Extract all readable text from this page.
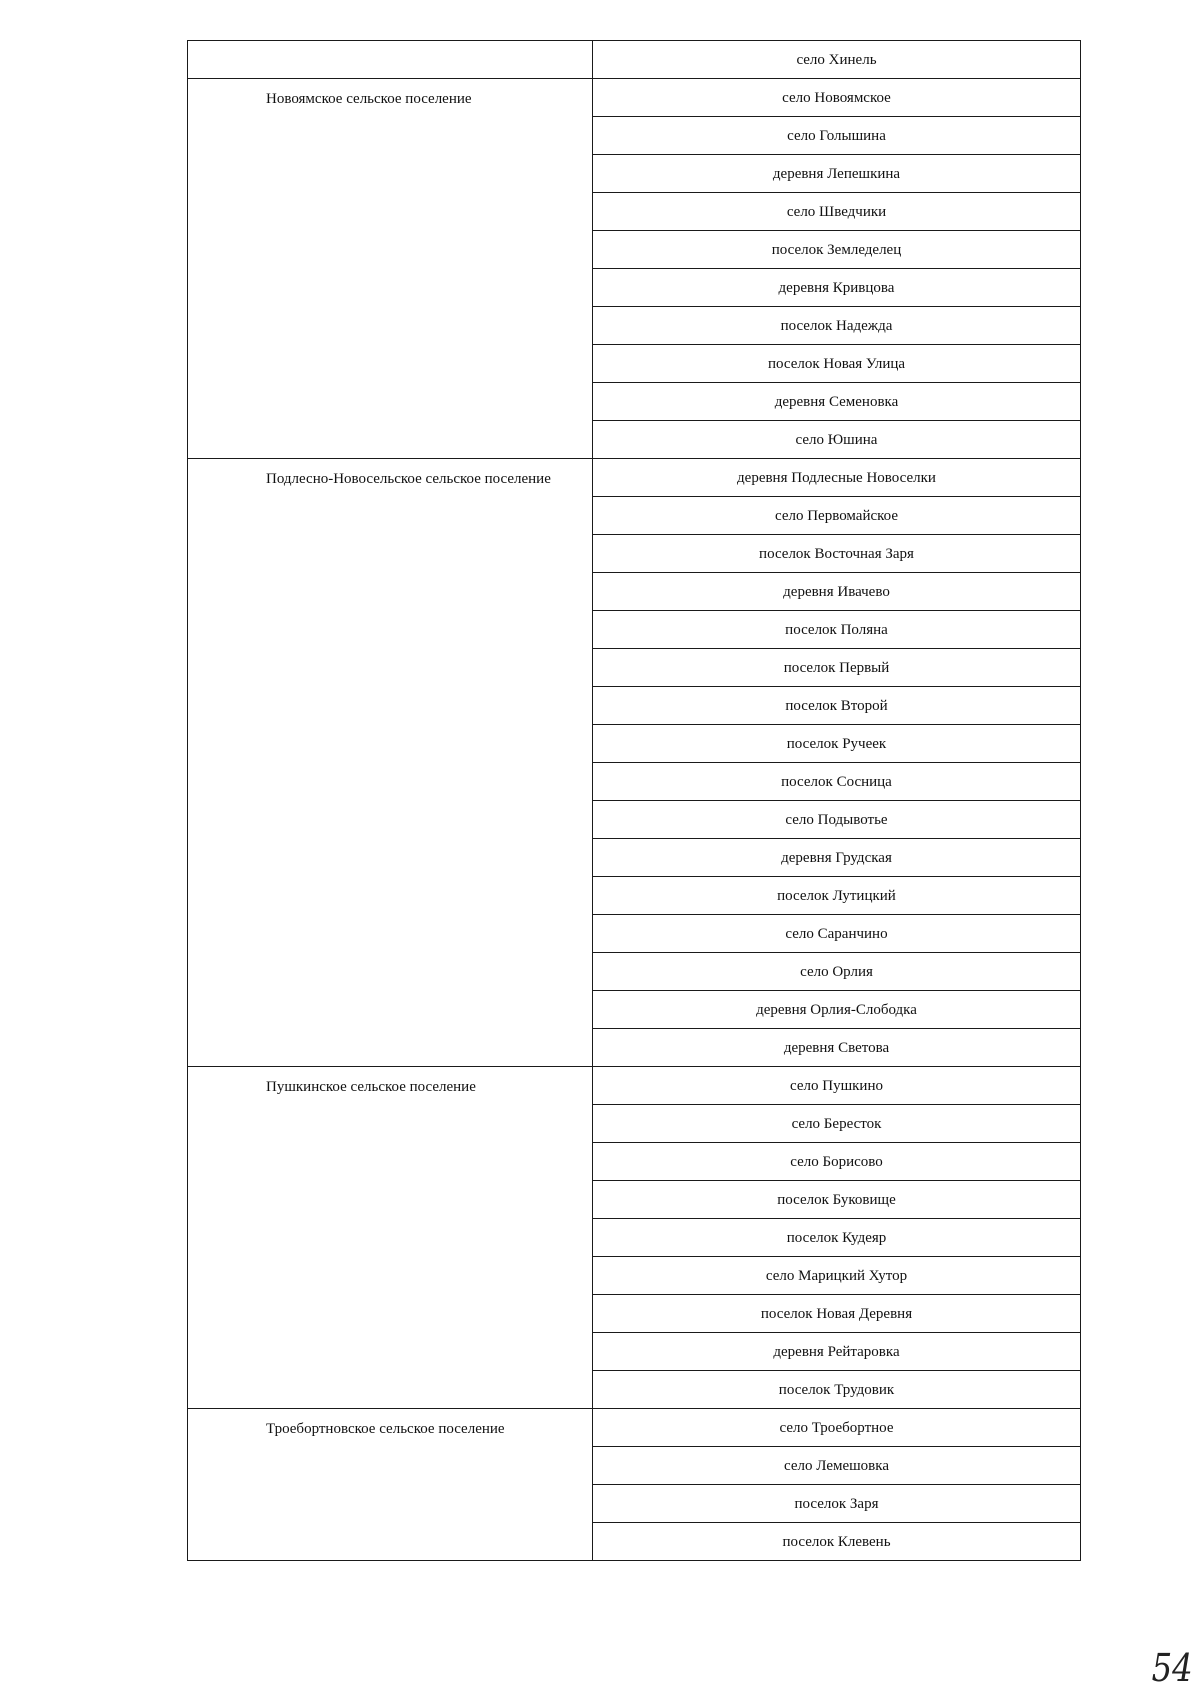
	село Хинель
Новоямское сельское поселение	село Новоямское
	село Голышина
	деревня Лепешкина
	село Шведчики
	поселок Земледелец
	деревня Кривцова
	поселок Надежда
	поселок Новая Улица
	деревня Семеновка
	село Юшина
Подлесно-Новосельское сельское поселение	деревня Подлесные Новоселки
	село Первомайское
	поселок Восточная Заря
	деревня Ивачево
	поселок Поляна
	поселок Первый
	поселок Второй
	поселок Ручеек
	поселок Сосница
	село Подывотье
	деревня Грудская
	поселок Лутицкий
	село Саранчино
	село Орлия
	деревня Орлия-Слободка
	деревня Светова
Пушкинское сельское поселение	село Пушкино
	село Бересток
	село Борисово
	поселок Буковище
	поселок Кудеяр
	село Марицкий Хутор
	поселок Новая Деревня
	деревня Рейтаровка
	поселок Трудовик
Троебортновское сельское поселение	село Троебортное
	село Лемешовка
	поселок Заря
	поселок Клевень
54
